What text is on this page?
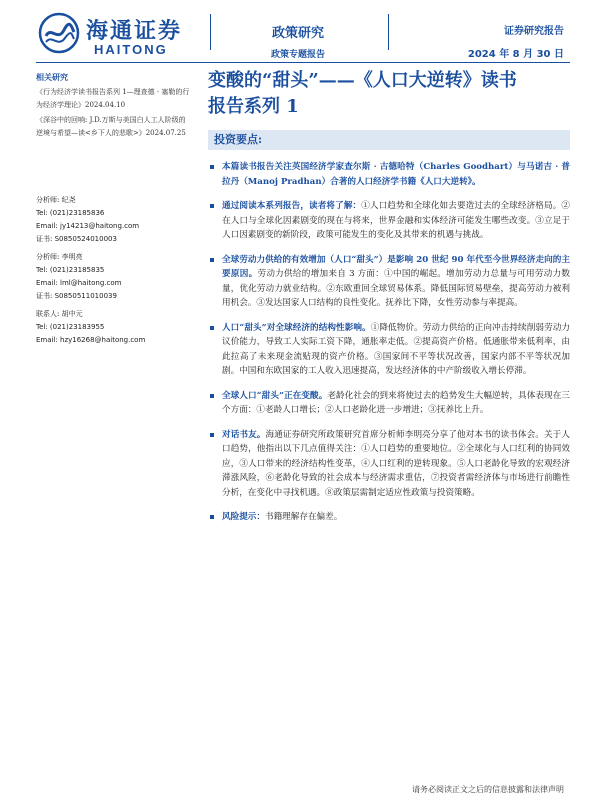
海通证券
HAITONG
政策研究
政策专题报告
证券研究报告
2024 年 8 月 30 日
相关研究
《行为经济学读书报告系列 1—理查德 · 塞勒的行为经济学理论》2024.04.10
《深谷中的回响: J.D.万斯与美国白人工人阶级的逆境与希望—读<乡下人的悲歌>》2024.07.25
分析师: 纪尧
Tel: (021)23185836
Email: jy14213@haitong.com
证书: S0850524010003
分析师: 李明亮
Tel: (021)23185835
Email: lml@haitong.com
证书: S0850511010039
联系人: 胡中元
Tel: (021)23183955
Email: hzy16268@haitong.com
变酸的“甜头”——《人口大逆转》读书
报告系列 1
投资要点:
本篇读书报告关注英国经济学家查尔斯 · 古德哈特（Charles Goodhart）与马诺吉 · 普拉丹（Manoj Pradhan）合著的人口经济学书籍《人口大逆转》。
通过阅读本系列报告，读者将了解：①人口趋势和全球化如去要造过去的全球经济格局。②在人口与全球化因素剧变的现在与将来，世界金融和实体经济可能发生哪些改变。③立足于人口因素剧变的新阶段，政策可能发生的变化及其带来的机遇与挑战。
全球劳动力供给的有效增加（人口“甜头”）是影响 20 世纪 90 年代至今世界经济走向的主要原因。劳动力供给的增加来自 3 方面：①中国的崛起。增加劳动力总量与可用劳动力数量，优化劳动力就业结构。②东欧重回全球贸易体系。降低国际贸易壁垒，提高劳动力被利用机会。③发达国家人口结构的良性变化。抚养比下降，女性劳动参与率提高。
人口“甜头”对全球经济的结构性影响。①降低物价。劳动力供给的正向冲击持续削弱劳动力议价能力，导致工人实际工资下降，通胀率走低。②提高资产价格。低通胀带来低利率，由此拉高了未来现金流贴现的资产价格。③国家间不平等状况改善，国家内部不平等状况加剧。中国和东欧国家的工人收入迅速提高，发达经济体的中产阶级收入增长停滞。
全球人口“甜头”正在变酸。老龄化社会的到来将使过去的趋势发生大幅逆转，具体表现在三个方面：①老龄人口增长；②人口老龄化进一步增进；③抚养比上升。
对话书友。海通证券研究所政策研究首席分析师李明亮分享了他对本书的读书体会。关于人口趋势，他指出以下几点值得关注：①人口趋势的重要地位。②全球化与人口红利的协同效应，③人口带来的经济结构性变革，④人口红利的逆转现象。⑤人口老龄化导致的宏观经济滞涨风险，⑥老龄化导致的社会成本与经济需求重估，⑦投资者需经济体与市场进行前瞻性分析，在变化中寻找机遇。⑧政策层需制定适应性政策与投资策略。
风险提示：书籍理解存在偏差。
请务必阅读正文之后的信息披露和法律声明
